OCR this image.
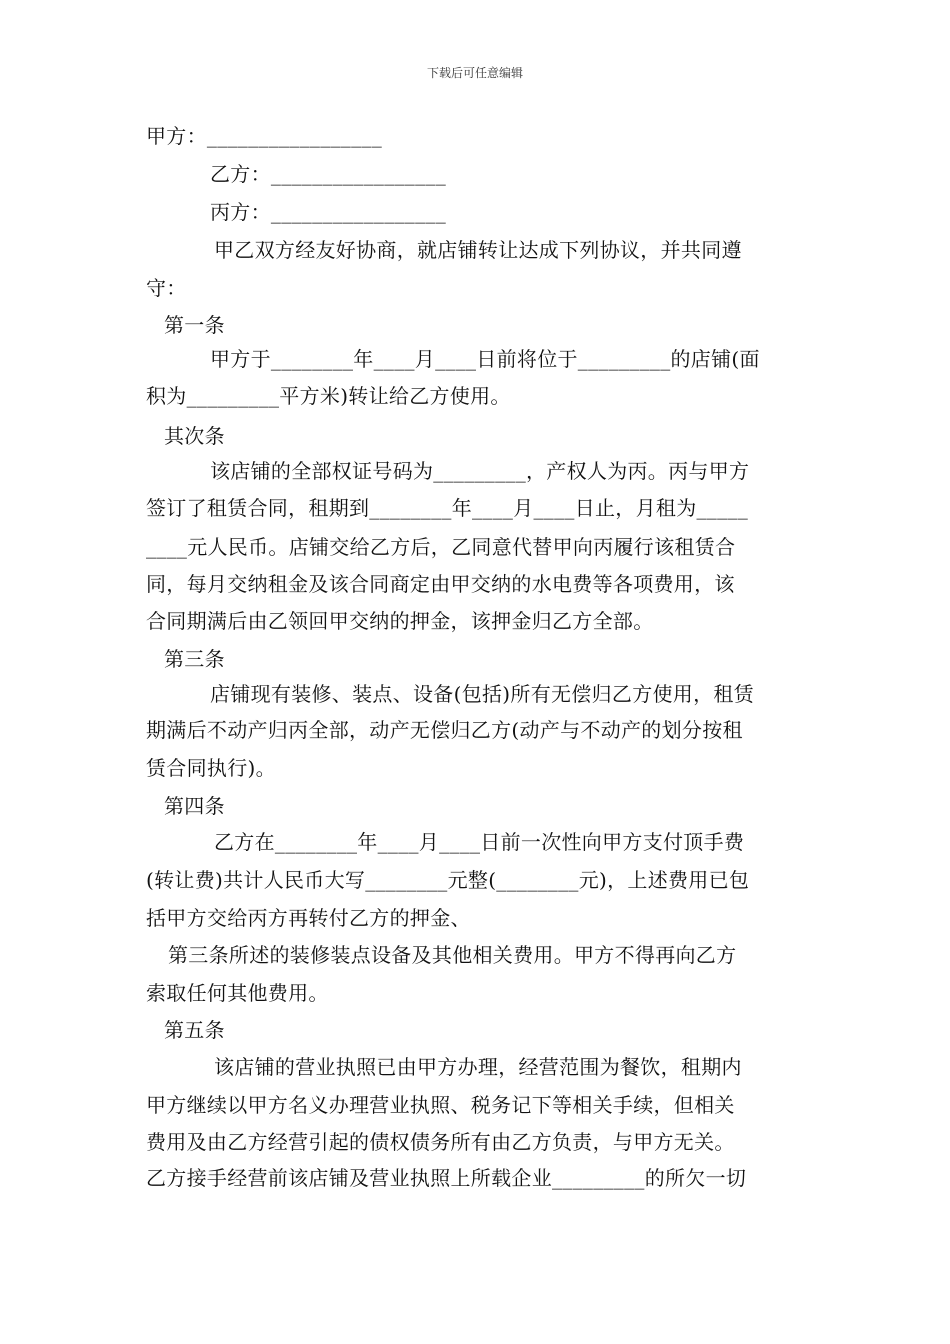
下载后可任意编辑
甲方：_________________
乙方：_________________
丙方：_________________
甲乙双方经友好协商，就店铺转让达成下列协议，并共同遵
守：
第一条
甲方于________年____月____日前将位于_________的店铺(面
积为_________平方米)转让给乙方使用。
其次条
该店铺的全部权证号码为_________，产权人为丙。丙与甲方
签订了租赁合同，租期到________年____月____日止，月租为_____
____元人民币。店铺交给乙方后，乙同意代替甲向丙履行该租赁合
同，每月交纳租金及该合同商定由甲交纳的水电费等各项费用，该
合同期满后由乙领回甲交纳的押金，该押金归乙方全部。
第三条
店铺现有装修、装点、设备(包括)所有无偿归乙方使用，租赁
期满后不动产归丙全部，动产无偿归乙方(动产与不动产的划分按租
赁合同执行)。
第四条
乙方在________年____月____日前一次性向甲方支付顶手费
(转让费)共计人民币大写________元整(________元)，上述费用已包
括甲方交给丙方再转付乙方的押金、
第三条所述的装修装点设备及其他相关费用。甲方不得再向乙方
索取任何其他费用。
第五条
该店铺的营业执照已由甲方办理，经营范围为餐饮，租期内
甲方继续以甲方名义办理营业执照、税务记下等相关手续，但相关
费用及由乙方经营引起的债权债务所有由乙方负责，与甲方无关。
乙方接手经营前该店铺及营业执照上所载企业_________的所欠一切
